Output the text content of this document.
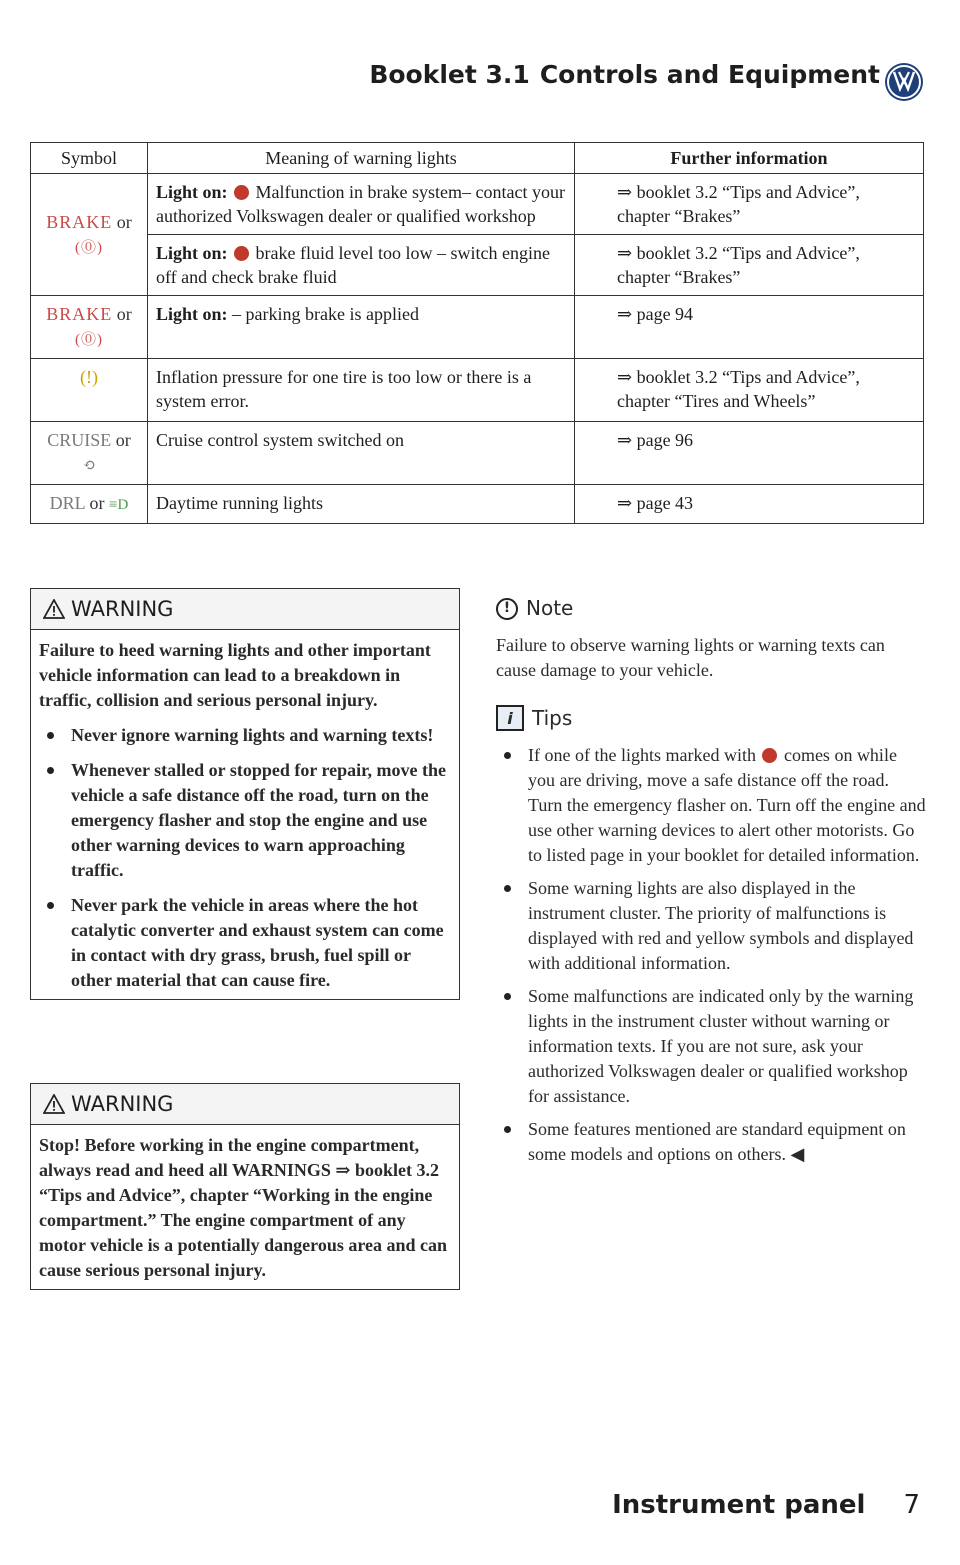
Booklet 3.1 Controls and Equipment
Symbol	Meaning of warning lights	Further information
BRAKE or
(⓪)	Light on: Malfunction in brake system– contact your authorized Volkswagen dealer or qualified workshop	⇒ booklet 3.2 “Tips and Advice”, chapter “Brakes”
	Light on: brake fluid level too low – switch engine off and check brake fluid	⇒ booklet 3.2 “Tips and Advice”, chapter “Brakes”
BRAKE or
(⓪)	Light on: – parking brake is applied	⇒ page 94
(!)	Inflation pressure for one tire is too low or there is a system error.	⇒ booklet 3.2 “Tips and Advice”, chapter “Tires and Wheels”
CRUISE or
⟲	Cruise control system switched on	⇒ page 96
DRL or ≡D	Daytime running lights	⇒ page 43
WARNING

Failure to heed warning lights and other important vehicle information can lead to a breakdown in traffic, collision and serious personal injury.

Never ignore warning lights and warning texts!

Whenever stalled or stopped for repair, move the vehicle a safe distance off the road, turn on the emergency flasher and stop the engine and use other warning devices to warn approaching traffic.

Never park the vehicle in areas where the hot catalytic converter and exhaust system can come in contact with dry grass, brush, fuel spill or other material that can cause fire.

WARNING

Stop! Before working in the engine compartment, always read and heed all WARNINGS ⇒ booklet 3.2 “Tips and Advice”, chapter “Working in the engine compartment.” The engine compartment of any motor vehicle is a potentially dangerous area and can cause serious personal injury.

! Note

Failure to observe warning lights or warning texts can cause damage to your vehicle.

i Tips

If one of the lights marked with comes on while you are driving, move a safe distance off the road. Turn the emergency flasher on. Turn off the engine and use other warning devices to alert other motorists. Go to listed page in your booklet for detailed information.

Some warning lights are also displayed in the instrument cluster. The priority of malfunctions is displayed with red and yellow symbols and displayed with additional information.

Some malfunctions are indicated only by the warning lights in the instrument cluster without warning or information texts. If you are not sure, ask your authorized Volkswagen dealer or qualified workshop for assistance.

Some features mentioned are standard equipment on some models and options on others. ◀

Instrument panel 7
